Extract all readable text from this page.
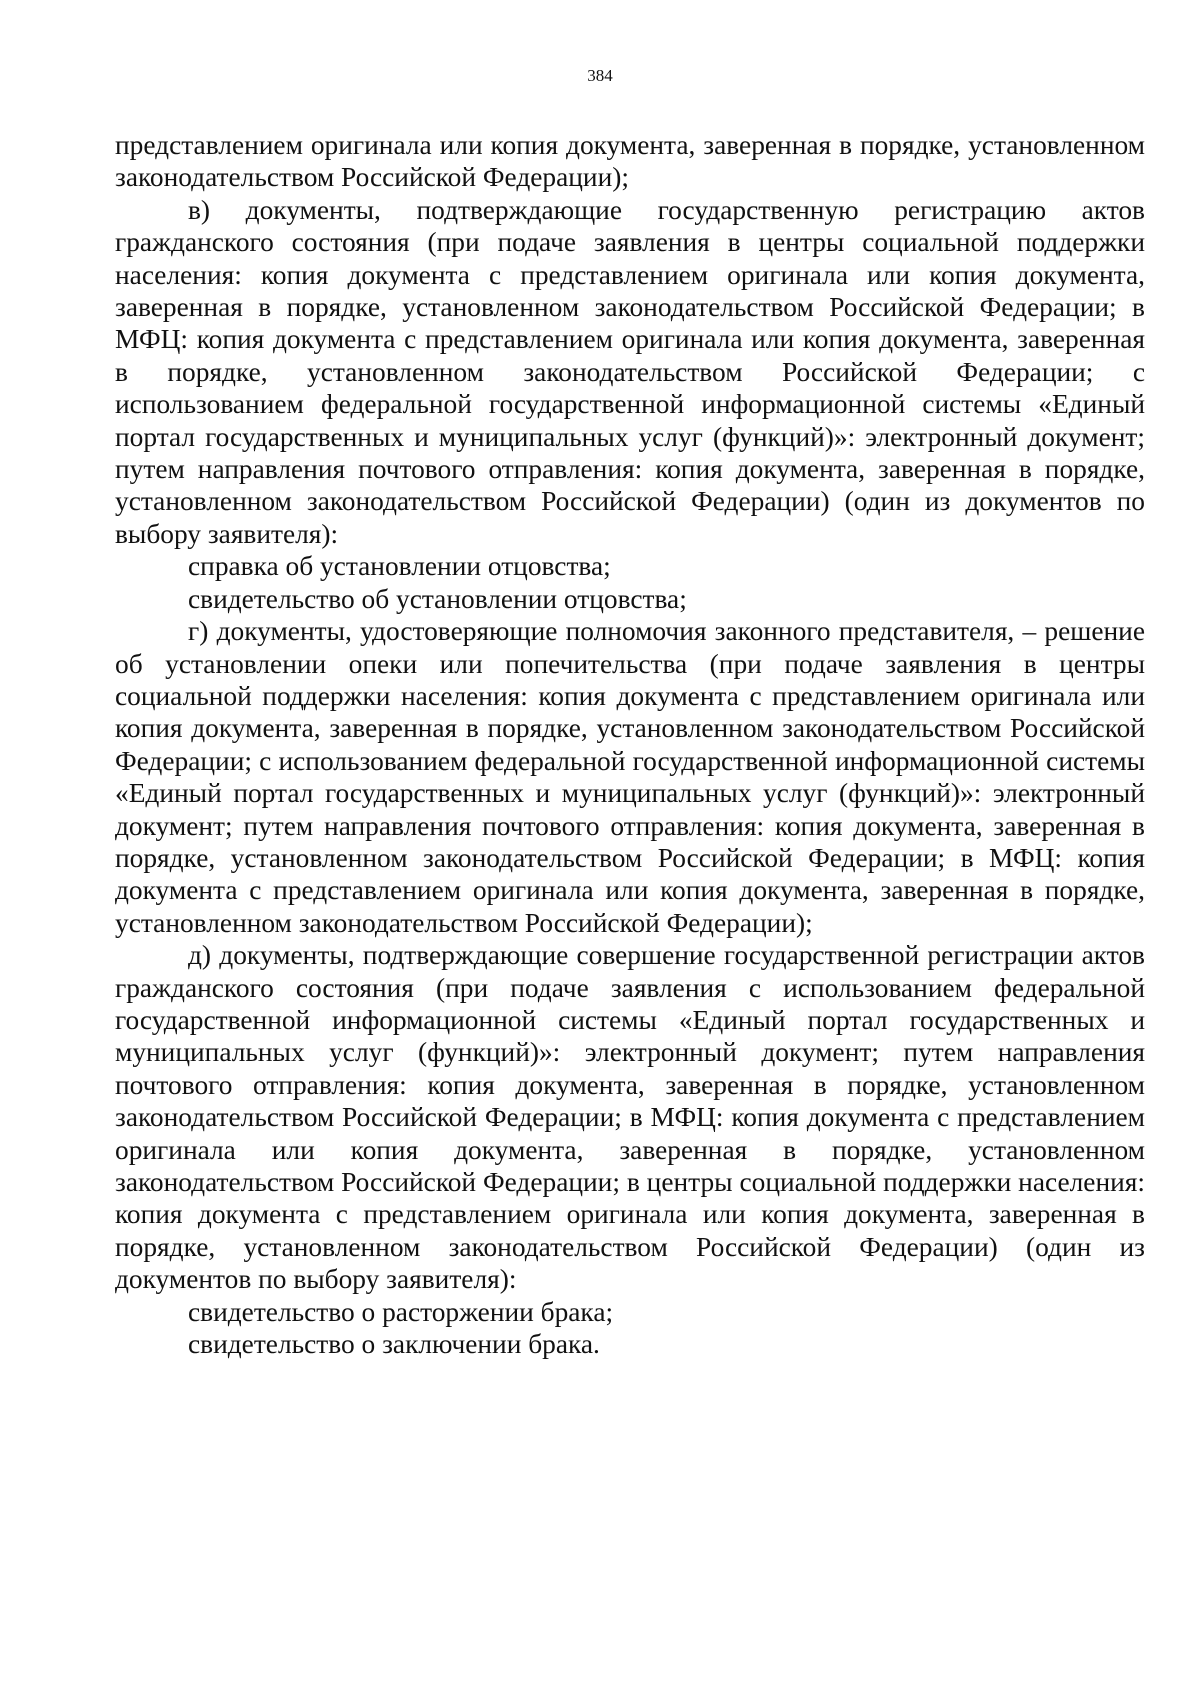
384

представлением оригинала или копия документа, заверенная в порядке, установленном законодательством Российской Федерации);

в) документы, подтверждающие государственную регистрацию актов гражданского состояния (при подаче заявления в центры социальной поддержки населения: копия документа с представлением оригинала или копия документа, заверенная в порядке, установленном законодательством Российской Федерации; в МФЦ: копия документа с представлением оригинала или копия документа, заверенная в порядке, установленном законодательством Российской Федерации; с использованием федеральной государственной информационной системы «Единый портал государственных и муниципальных услуг (функций)»: электронный документ; путем направления почтового отправления: копия документа, заверенная в порядке, установленном законодательством Российской Федерации) (один из документов по выбору заявителя):

справка об установлении отцовства;

свидетельство об установлении отцовства;

г) документы, удостоверяющие полномочия законного представителя, – решение об установлении опеки или попечительства (при подаче заявления в центры социальной поддержки населения: копия документа с представлением оригинала или копия документа, заверенная в порядке, установленном законодательством Российской Федерации; с использованием федеральной государственной информационной системы «Единый портал государственных и муниципальных услуг (функций)»: электронный документ; путем направления почтового отправления: копия документа, заверенная в порядке, установленном законодательством Российской Федерации; в МФЦ: копия документа с представлением оригинала или копия документа, заверенная в порядке, установленном законодательством Российской Федерации);

д) документы, подтверждающие совершение государственной регистрации актов гражданского состояния (при подаче заявления с использованием федеральной государственной информационной системы «Единый портал государственных и муниципальных услуг (функций)»: электронный документ; путем направления почтового отправления: копия документа, заверенная в порядке, установленном законодательством Российской Федерации; в МФЦ: копия документа с представлением оригинала или копия документа, заверенная в порядке, установленном законодательством Российской Федерации; в центры социальной поддержки населения: копия документа с представлением оригинала или копия документа, заверенная в порядке, установленном законодательством Российской Федерации) (один из документов по выбору заявителя):

свидетельство о расторжении брака;

свидетельство о заключении брака.
